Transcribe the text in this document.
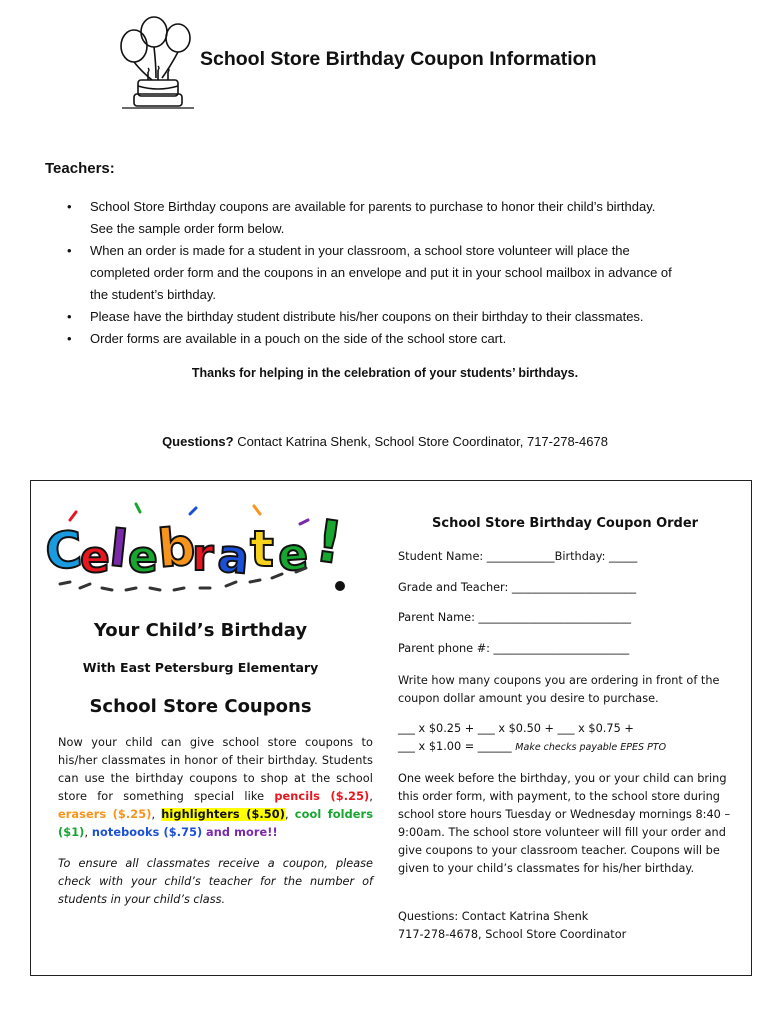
School Store Birthday Coupon Information
Teachers:
• School Store Birthday coupons are available for parents to purchase to honor their child’s birthday.
See the sample order form below.
• When an order is made for a student in your classroom, a school store volunteer will place the
completed order form and the coupons in an envelope and put it in your school mailbox in advance of
the student’s birthday.
• Please have the birthday student distribute his/her coupons on their birthday to their classmates.
• Order forms are available in a pouch on the side of the school store cart.
Thanks for helping in the celebration of your students’ birthdays.
Questions? Contact Katrina Shenk, School Store Coordinator, 717-278-4678
C
e
l
e
b
r a
t e !
Your Child’s Birthday
With East Petersburg Elementary
School Store Coupons
Now your child can give school store coupons to his/her classmates in honor of their birthday. Students can use the birthday coupons to shop at the school store for something special like pencils ($.25), erasers ($.25), highlighters ($.50), cool folders ($1), notebooks ($.75) and more!!
To ensure all classmates receive a coupon, please check with your child’s teacher for the number of students in your child’s class.
School Store Birthday Coupon Order
Student Name: ____________Birthday: _____
Grade and Teacher: ______________________
Parent Name: ___________________________
Parent phone #: ________________________
Write how many coupons you are ordering in front of the coupon dollar amount you desire to purchase.
___ x $0.25 + ___ x $0.50 + ___ x $0.75 +
___ x $1.00 = ______ Make checks payable EPES PTO
One week before the birthday, you or your child can bring this order form, with payment, to the school store during school store hours Tuesday or Wednesday mornings 8:40 – 9:00am. The school store volunteer will fill your order and give coupons to your classroom teacher. Coupons will be given to your child’s classmates for his/her birthday.
Questions: Contact Katrina Shenk
717-278-4678, School Store Coordinator
